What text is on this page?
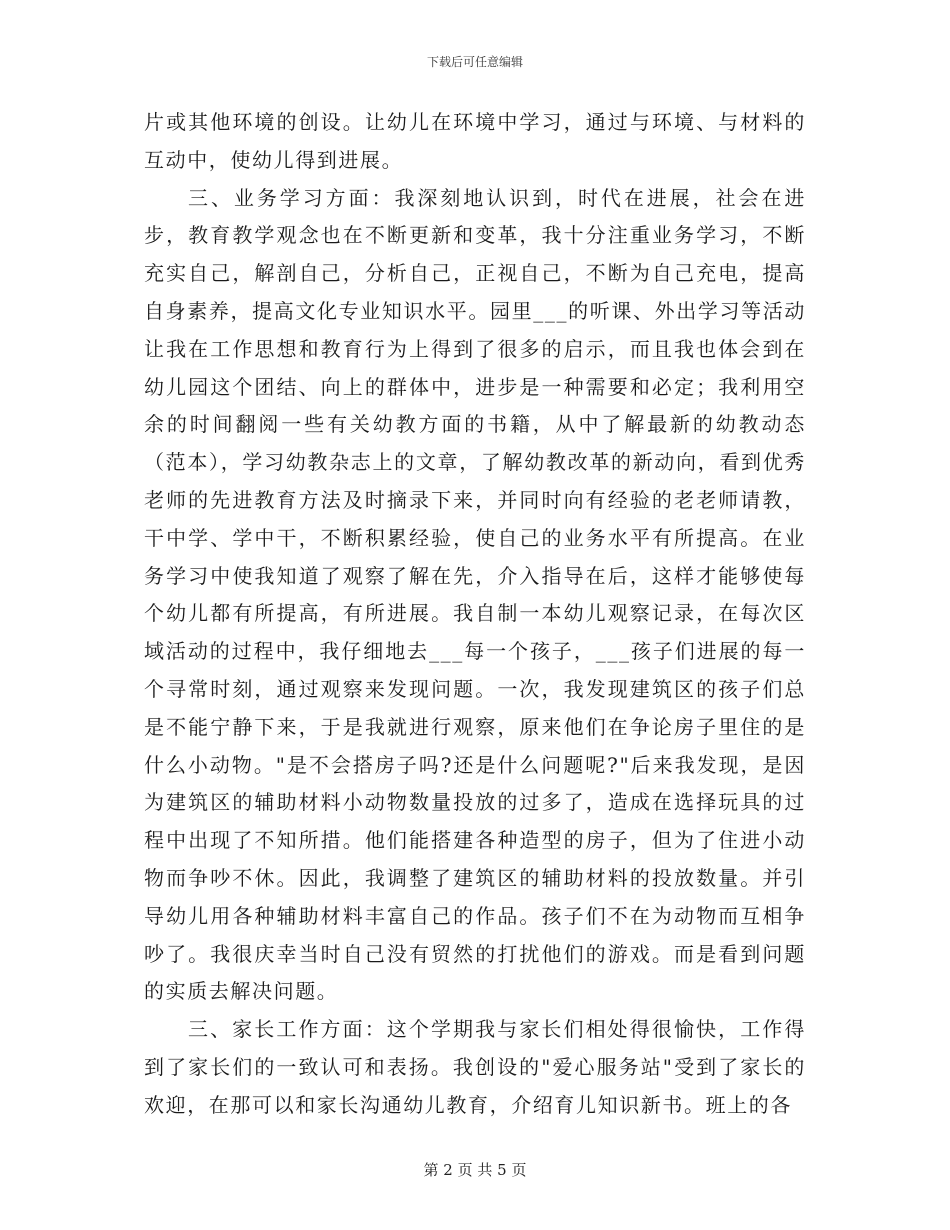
下载后可任意编辑

片或其他环境的创设。让幼儿在环境中学习，通过与环境、与材料的互动中，使幼儿得到进展。

三、业务学习方面：我深刻地认识到，时代在进展，社会在进步，教育教学观念也在不断更新和变革，我十分注重业务学习，不断充实自己，解剖自己，分析自己，正视自己，不断为自己充电，提高自身素养，提高文化专业知识水平。园里___的听课、外出学习等活动让我在工作思想和教育行为上得到了很多的启示，而且我也体会到在幼儿园这个团结、向上的群体中，进步是一种需要和必定；我利用空余的时间翻阅一些有关幼教方面的书籍，从中了解最新的幼教动态（范本），学习幼教杂志上的文章，了解幼教改革的新动向，看到优秀老师的先进教育方法及时摘录下来，并同时向有经验的老老师请教，干中学、学中干，不断积累经验，使自己的业务水平有所提高。在业务学习中使我知道了观察了解在先，介入指导在后，这样才能够使每个幼儿都有所提高，有所进展。我自制一本幼儿观察记录，在每次区域活动的过程中，我仔细地去___每一个孩子，___孩子们进展的每一个寻常时刻，通过观察来发现问题。一次，我发现建筑区的孩子们总是不能宁静下来，于是我就进行观察，原来他们在争论房子里住的是什么小动物。"是不会搭房子吗?还是什么问题呢?"后来我发现，是因为建筑区的辅助材料小动物数量投放的过多了，造成在选择玩具的过程中出现了不知所措。他们能搭建各种造型的房子，但为了住进小动物而争吵不休。因此，我调整了建筑区的辅助材料的投放数量。并引导幼儿用各种辅助材料丰富自己的作品。孩子们不在为动物而互相争吵了。我很庆幸当时自己没有贸然的打扰他们的游戏。而是看到问题的实质去解决问题。

三、家长工作方面：这个学期我与家长们相处得很愉快，工作得到了家长们的一致认可和表扬。我创设的"爱心服务站"受到了家长的欢迎，在那可以和家长沟通幼儿教育，介绍育儿知识新书。班上的各

第 2 页 共 5 页
